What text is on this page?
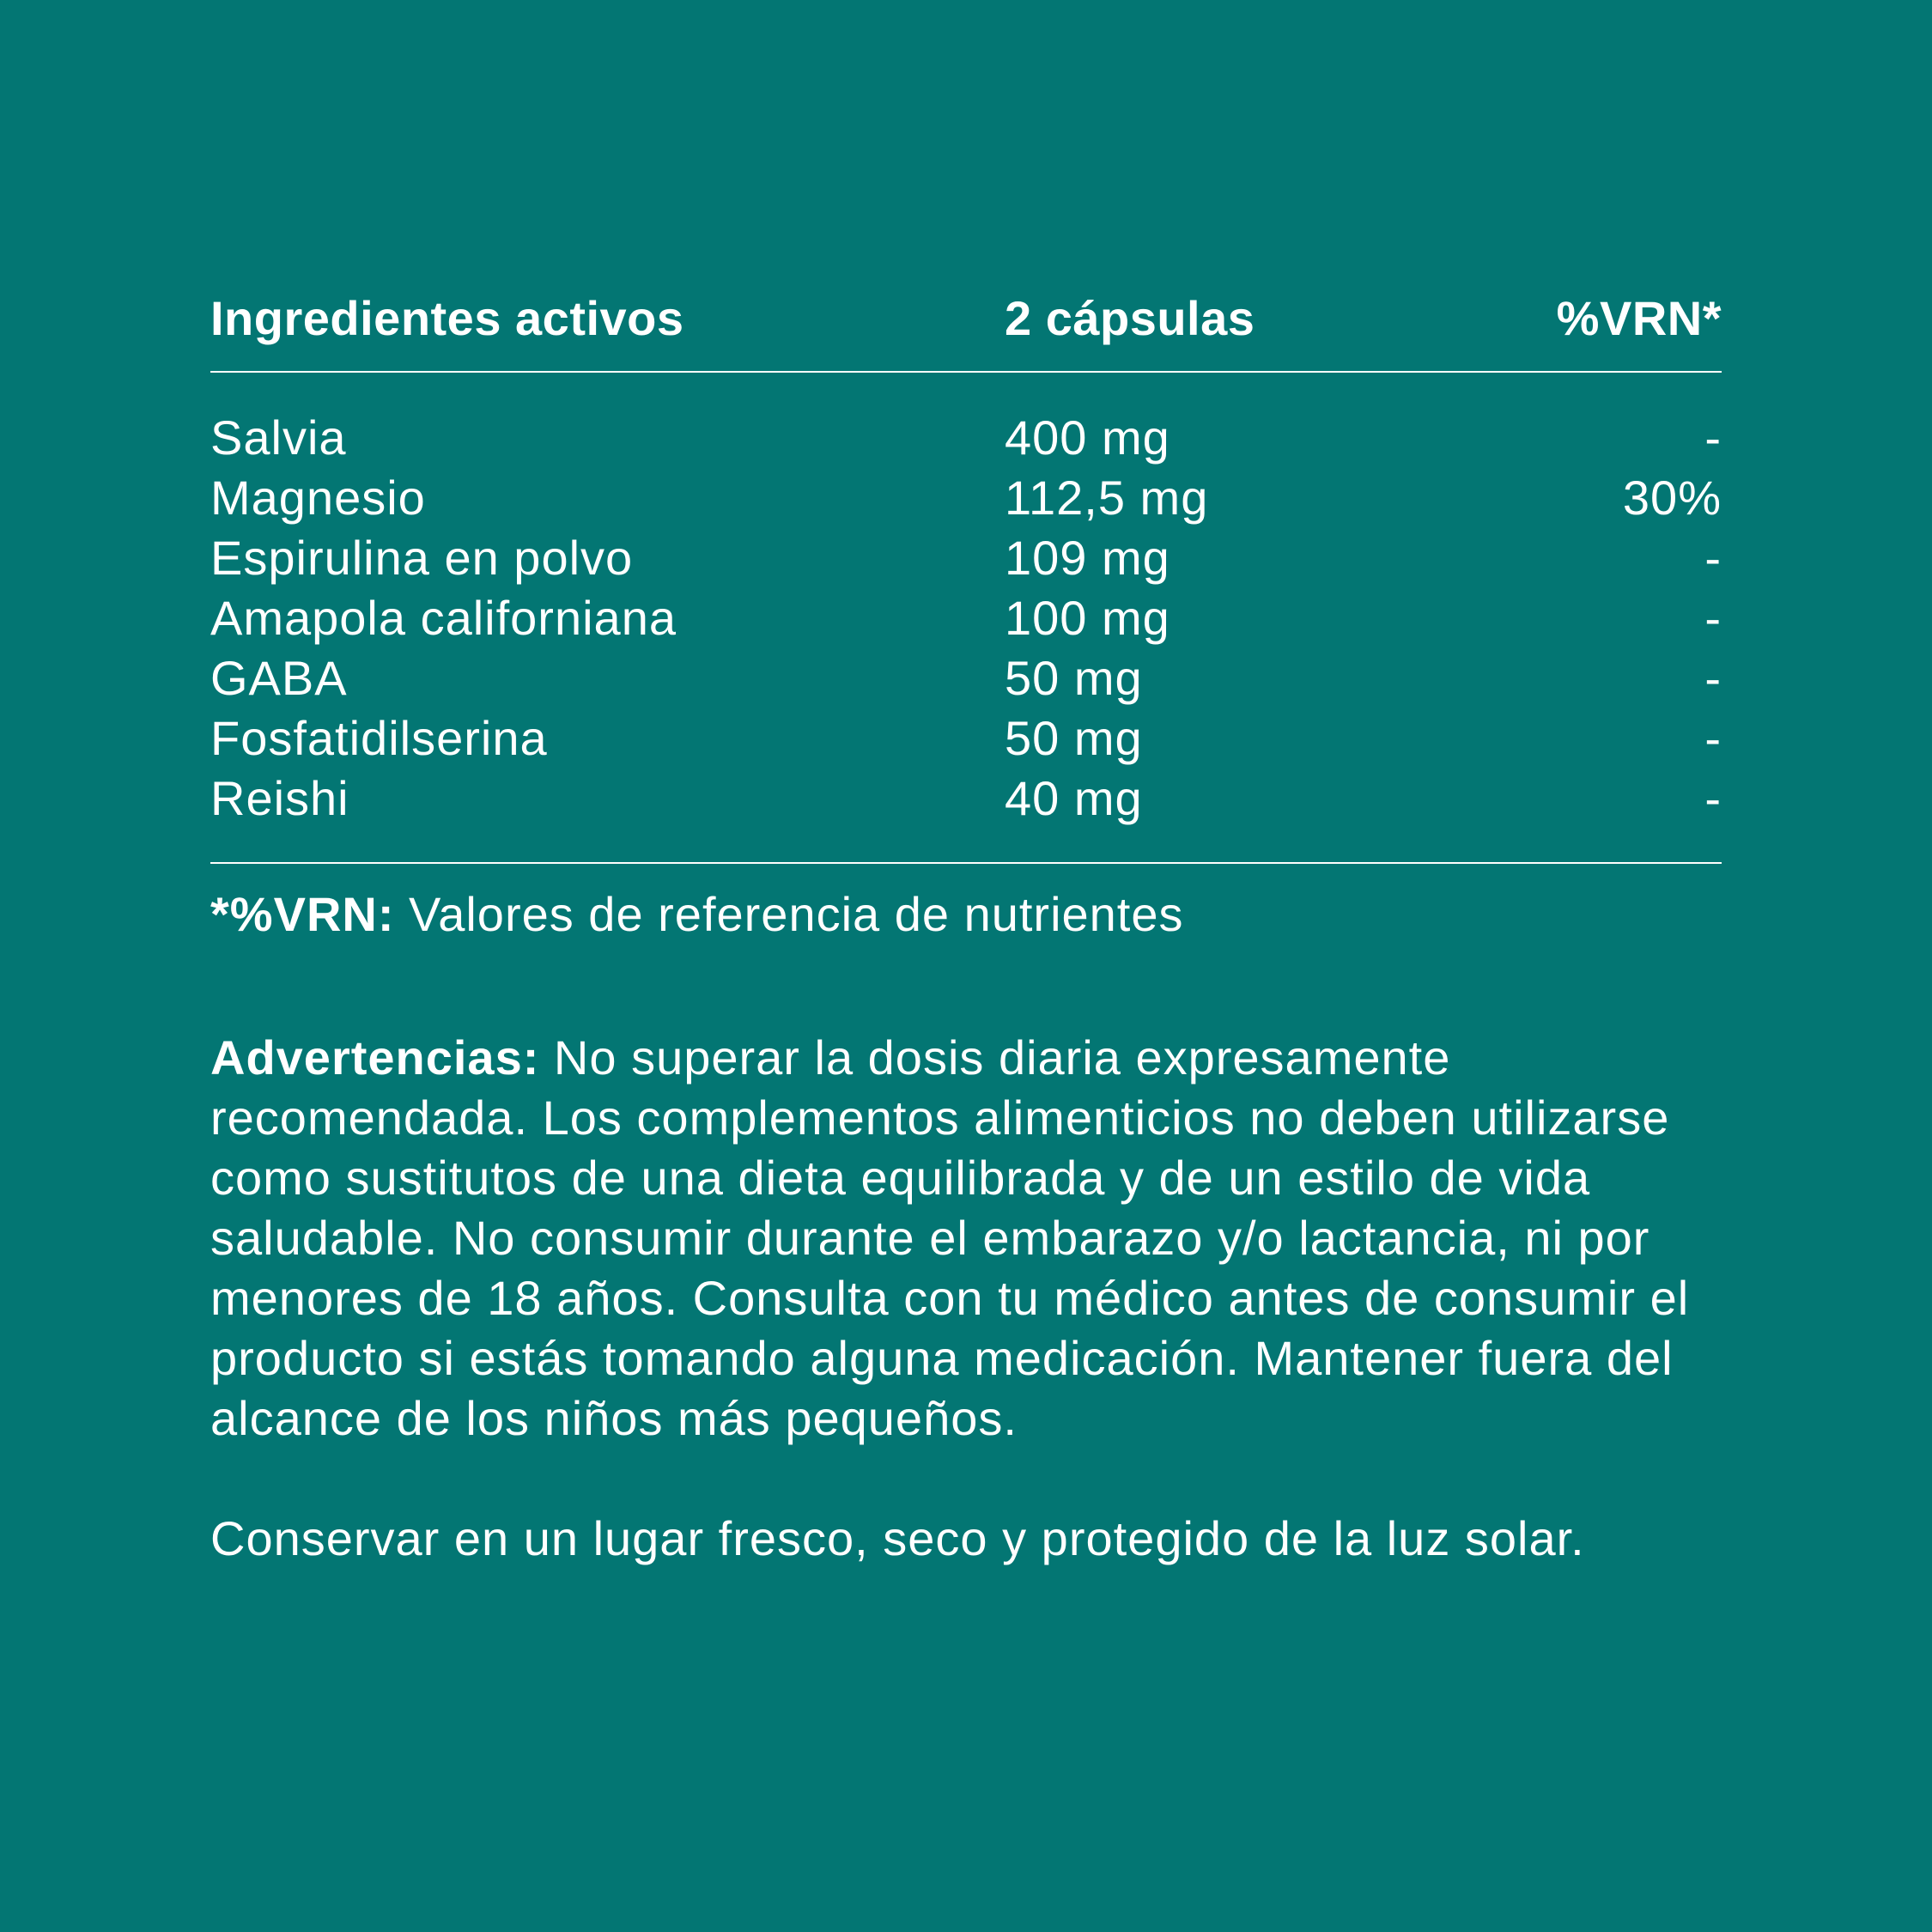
Ingredientes activos	2 cápsulas	%VRN*
Salvia	400 mg	-
Magnesio	112,5 mg	30%
Espirulina en polvo	109 mg	-
Amapola californiana	100 mg	-
GABA	50 mg	-
Fosfatidilserina	50 mg	-
Reishi	40 mg	-
*%VRN: Valores de referencia de nutrientes
Advertencias: No superar la dosis diaria expresamente recomendada. Los complementos alimenticios no deben utilizarse como sustitutos de una dieta equilibrada y de un estilo de vida saludable. No consumir durante el embarazo y/o lactancia, ni por menores de 18 años. Consulta con tu médico antes de consumir el producto si estás tomando alguna medicación. Mantener fuera del alcance de los niños más pequeños.
Conservar en un lugar fresco, seco y protegido de la luz solar.
